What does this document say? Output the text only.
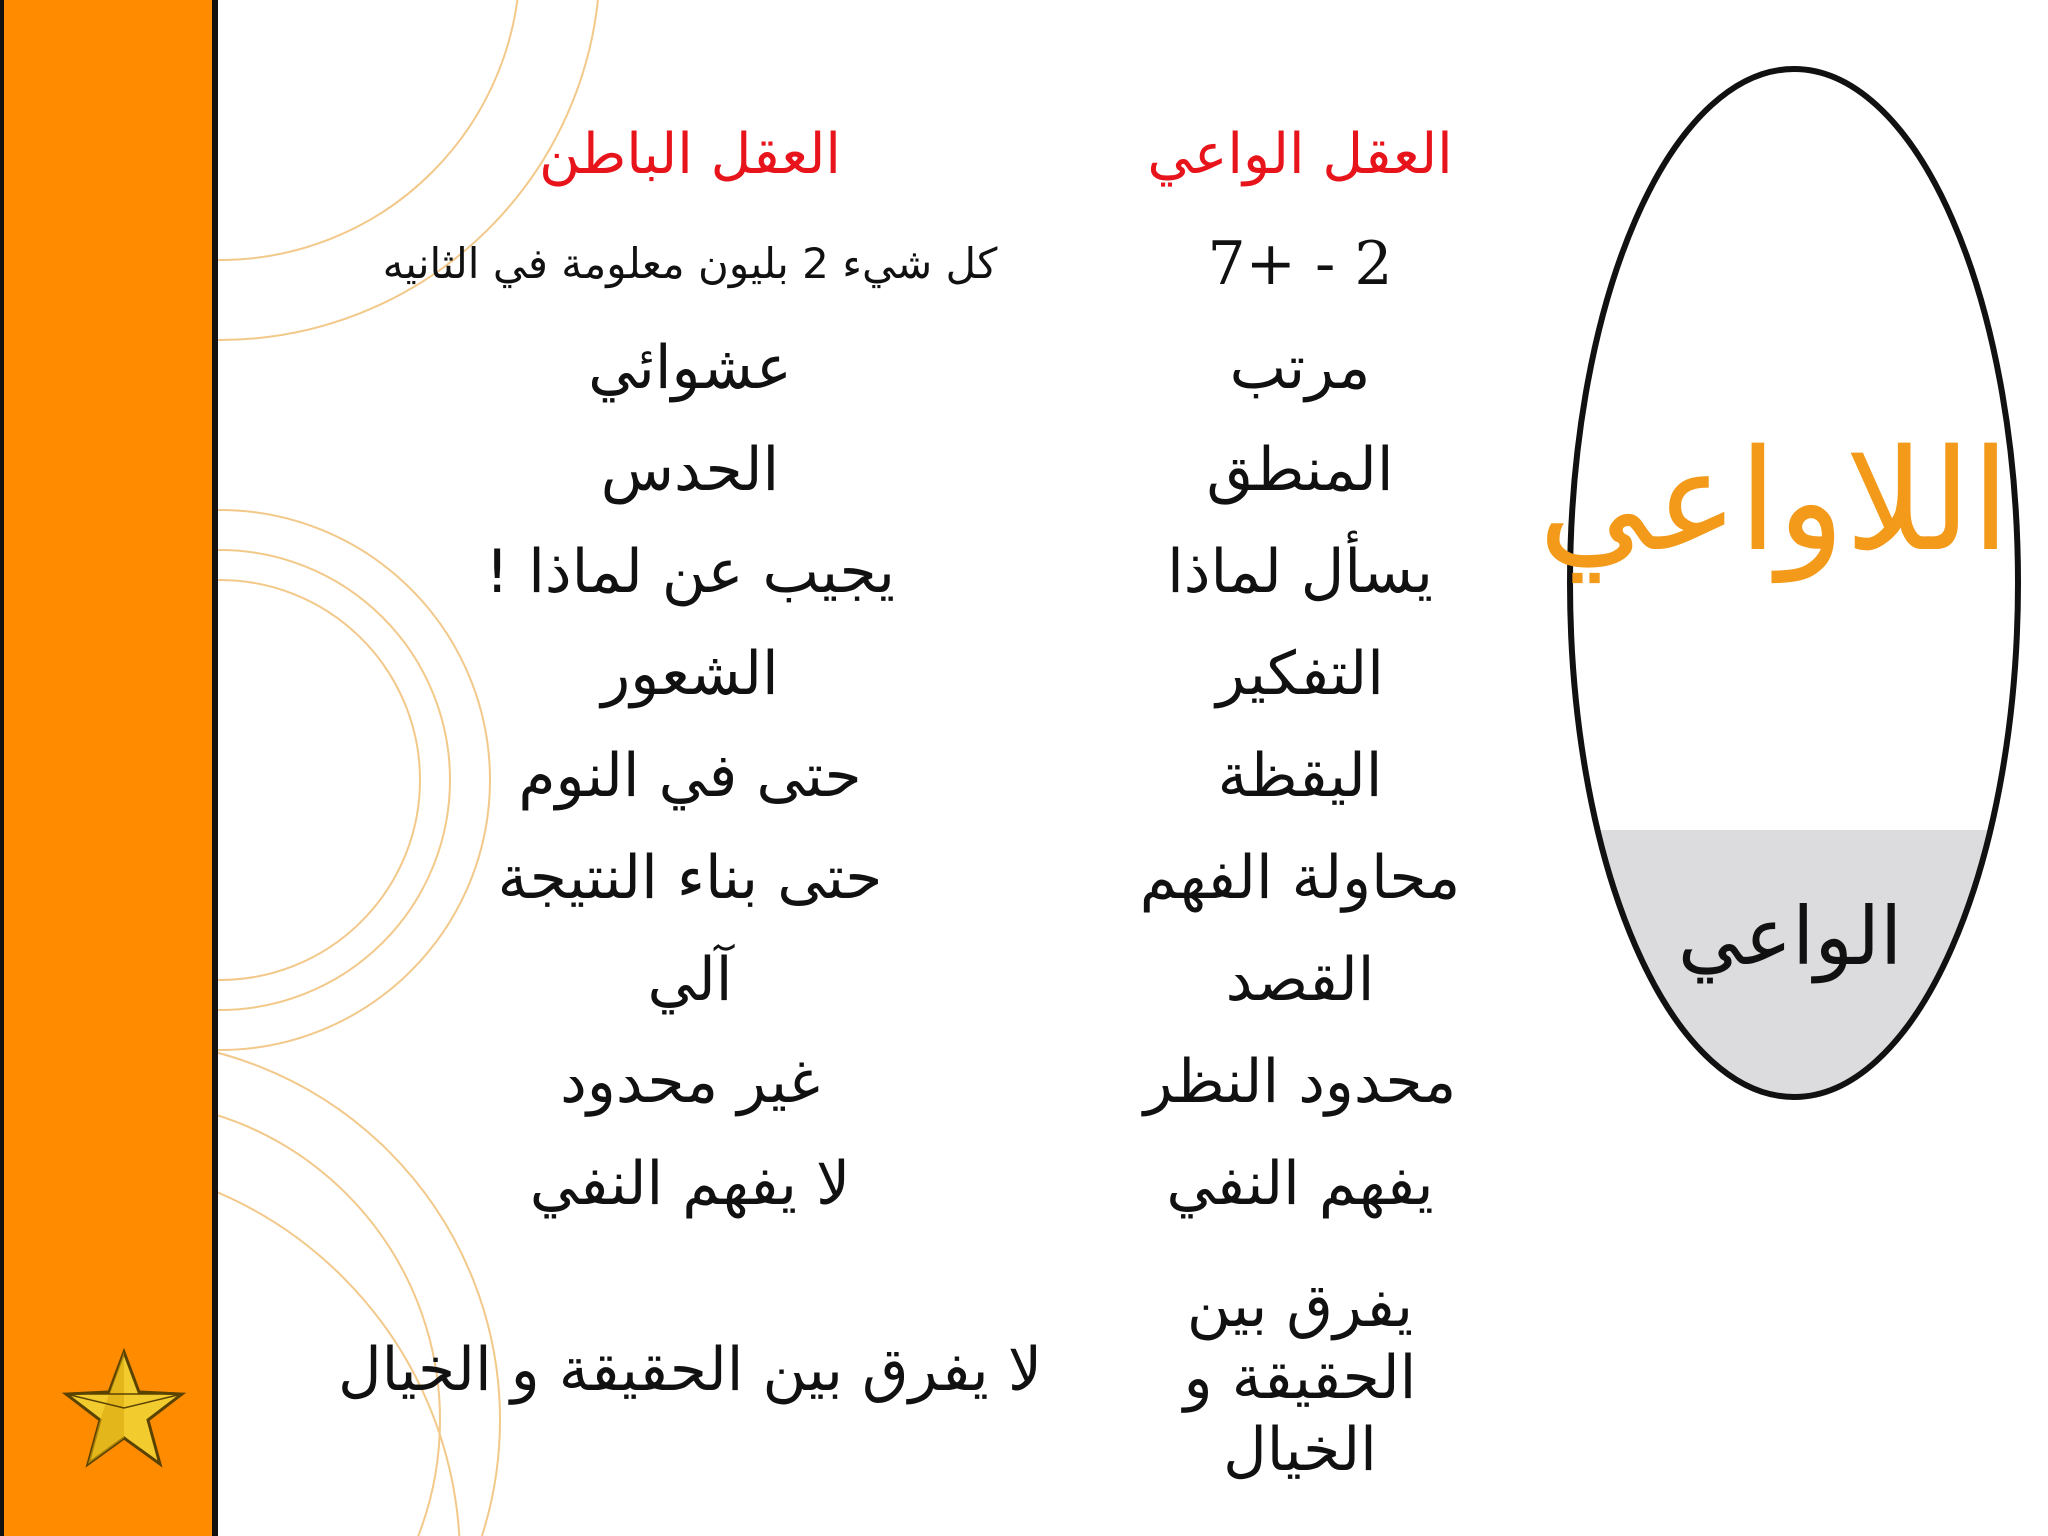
العقل الواعي
العقل الباطن
7+ - 2
مرتب
المنطق
يسأل لماذا
التفكير
اليقظة
محاولة الفهم
القصد
محدود النظر
يفهم النفي
يفرق بين الحقيقة و الخيال
كل شيء 2 بليون معلومة في الثانيه
عشوائي
الحدس
يجيب عن لماذا !
الشعور
حتى في النوم
حتى بناء النتيجة
آلي
غير محدود
لا يفهم النفي
لا يفرق بين الحقيقة و الخيال
اللاواعي
الواعي
